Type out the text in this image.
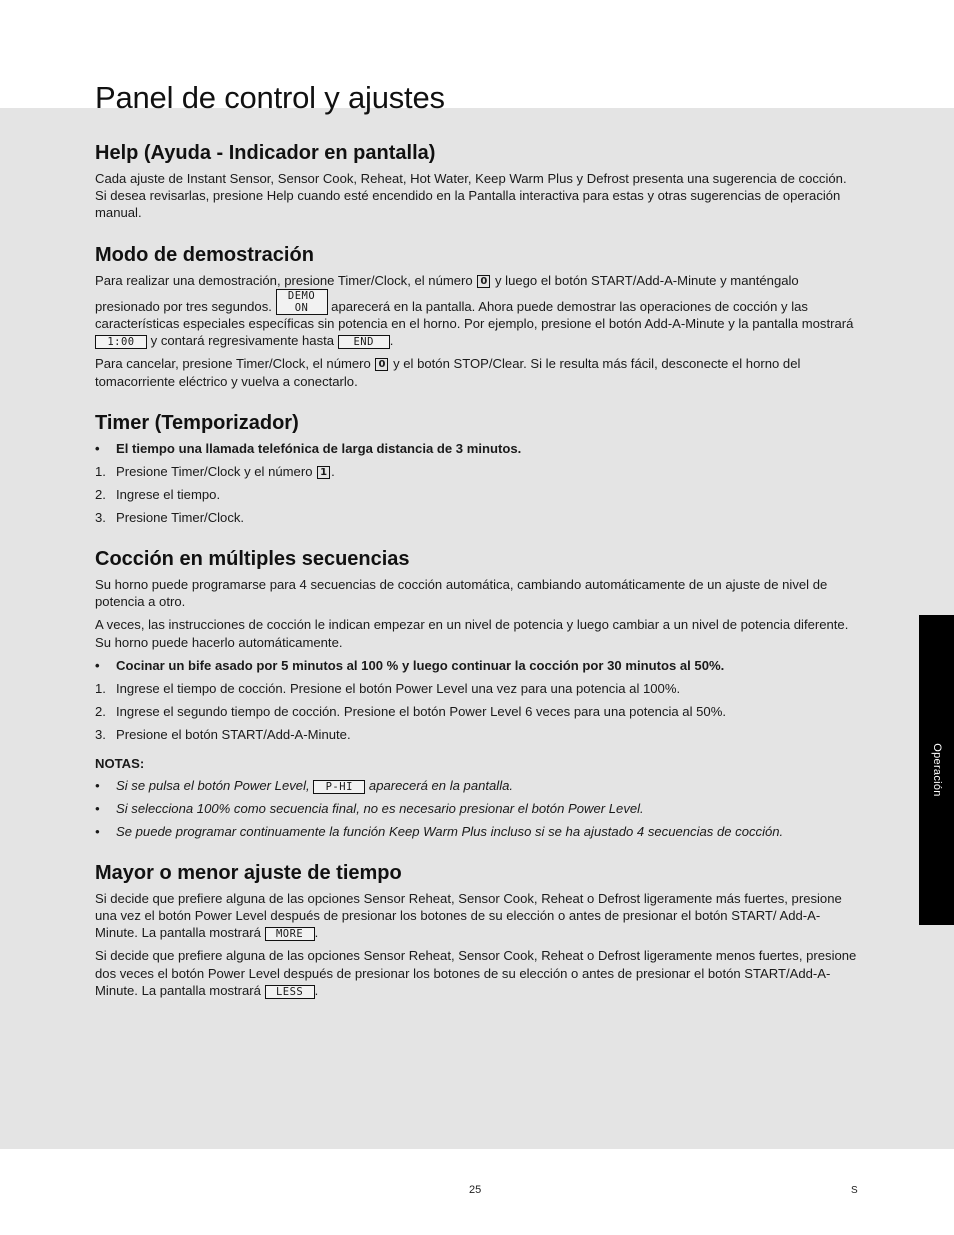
Panel de control y ajustes
Help (Ayuda - Indicador en pantalla)

Cada ajuste de Instant Sensor, Sensor Cook, Reheat, Hot Water, Keep Warm Plus y Defrost presenta una sugerencia de cocción. Si desea revisarlas, presione Help cuando esté encendido en la Pantalla interactiva para estas y otras sugerencias de operación manual.

Modo de demostración

Para realizar una demostración, presione Timer/Clock, el número 0 y luego el botón START/Add-A-Minute y manténgalo presionado por tres segundos. DEMO ON aparecerá en la pantalla. Ahora puede demostrar las operaciones de cocción y las características especiales específicas sin potencia en el horno. Por ejemplo, presione el botón Add-A-Minute y la pantalla mostrará 1:00 y contará regresivamente hasta END .

Para cancelar, presione Timer/Clock, el número 0 y el botón STOP/Clear. Si le resulta más fácil, desconecte el horno del tomacorriente eléctrico y vuelva a conectarlo.

Timer (Temporizador)
• El tiempo una llamada telefónica de larga distancia de 3 minutos.
1. Presione Timer/Clock y el número 1 .
2. Ingrese el tiempo.
3. Presione Timer/Clock.
Cocción en múltiples secuencias

Su horno puede programarse para 4 secuencias de cocción automática, cambiando automáticamente de un ajuste de nivel de potencia a otro.

A veces, las instrucciones de cocción le indican empezar en un nivel de potencia y luego cambiar a un nivel de potencia diferente. Su horno puede hacerlo automáticamente.

• Cocinar un bife asado por 5 minutos al 100 % y luego continuar la cocción por 30 minutos al 50%.
1. Ingrese el tiempo de cocción. Presione el botón Power Level una vez para una potencia al 100%.
2. Ingrese el segundo tiempo de cocción. Presione el botón Power Level 6 veces para una potencia al 50%.
3. Presione el botón START/Add-A-Minute.
NOTAS:
• Si se pulsa el botón Power Level, P-HI aparecerá en la pantalla.
• Si selecciona 100% como secuencia final, no es necesario presionar el botón Power Level.
• Se puede programar continuamente la función Keep Warm Plus incluso si se ha ajustado 4 secuencias de cocción.
Mayor o menor ajuste de tiempo

Si decide que prefiere alguna de las opciones Sensor Reheat, Sensor Cook, Reheat o Defrost ligeramente más fuertes, presione una vez el botón Power Level después de presionar los botones de su elección o antes de presionar el botón START/ Add-A-Minute. La pantalla mostrará MORE .

Si decide que prefiere alguna de las opciones Sensor Reheat, Sensor Cook, Reheat o Defrost ligeramente menos fuertes, presione dos veces el botón Power Level después de presionar los botones de su elección o antes de presionar el botón START/Add-A-Minute. La pantalla mostrará LESS .

Operación
25	S
